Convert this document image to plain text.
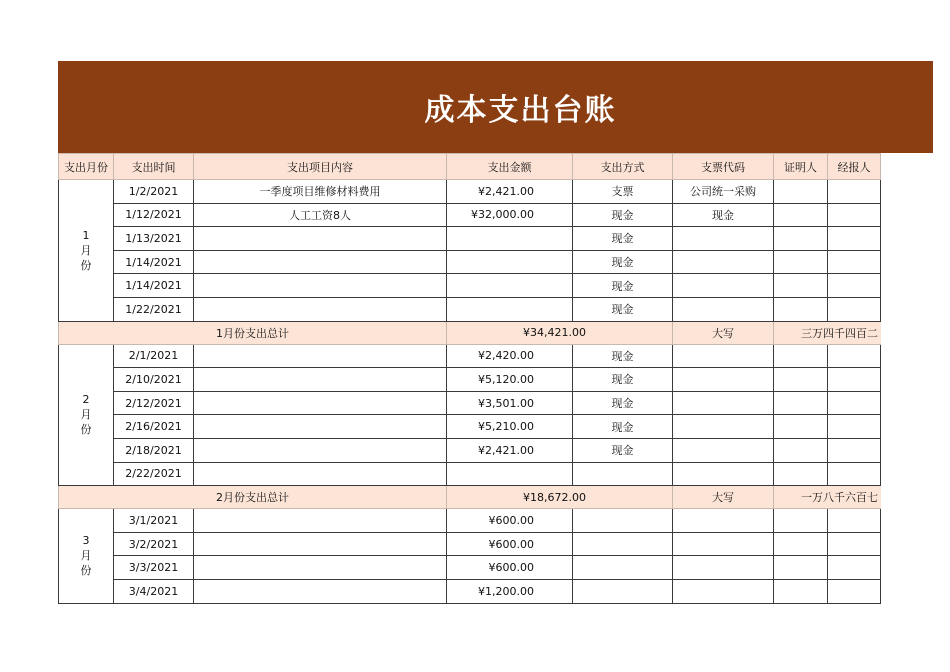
成本支出台账
支出月份	支出时间	支出项目内容	支出金额	支出方式	支票代码	证明人	经报人

1
月
份	1/2/2021	一季度项目维修材料费用	¥2,421.00	支票	公司统一采购		
	1/12/2021	人工工资8人	¥32,000.00	现金	现金		
	1/13/2021			现金			
	1/14/2021			现金			
	1/14/2021			现金			
	1/22/2021			现金			
1月份支出总计			¥34,421.00		大写	三万四千四百二	

2
月
份	2/1/2021		¥2,420.00	现金			
	2/10/2021		¥5,120.00	现金			
	2/12/2021		¥3,501.00	现金			
	2/16/2021		¥5,210.00	现金			
	2/18/2021		¥2,421.00	现金			
	2/22/2021						
2月份支出总计			¥18,672.00		大写	一万八千六百七	

3
月
份	3/1/2021		¥600.00				
	3/2/2021		¥600.00				
	3/3/2021		¥600.00				
	3/4/2021		¥1,200.00				
